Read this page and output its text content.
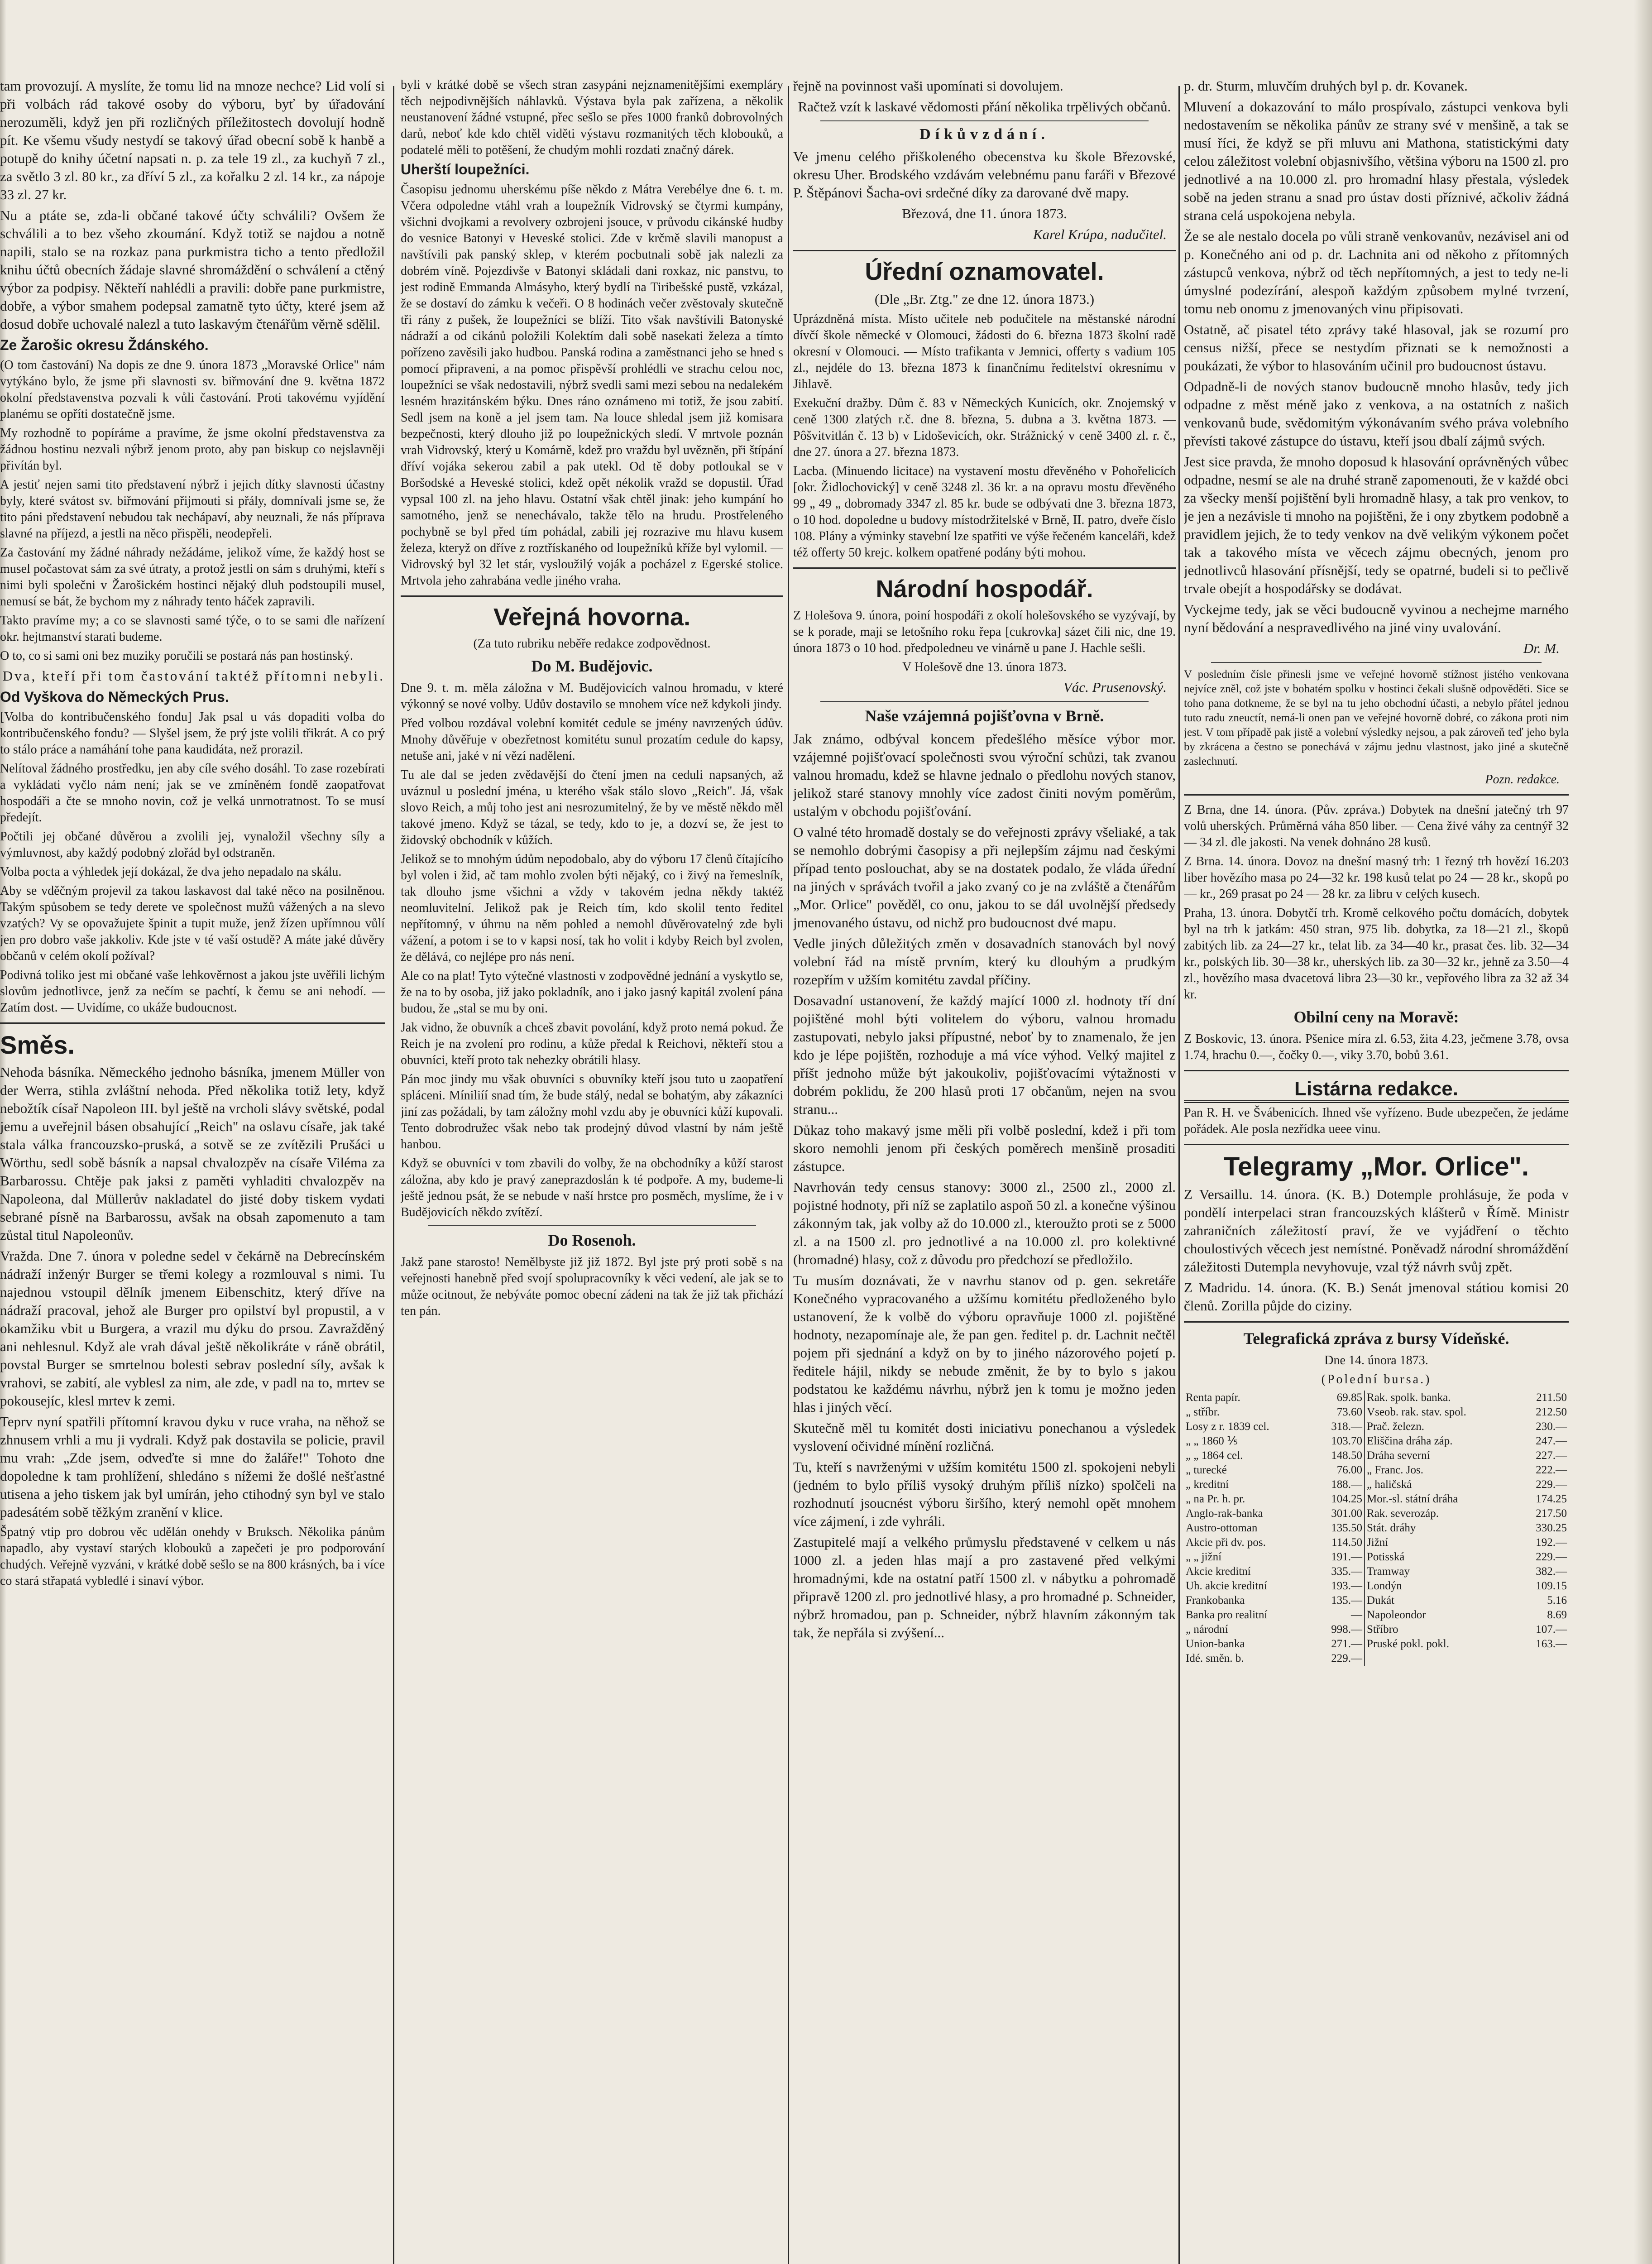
tam provozují. A myslíte, že tomu lid na mnoze nechce? Lid volí si při volbách rád takové osoby do výboru, byť by úřadování nerozuměli, když jen při rozličných příležitostech dovolují hodně pít. Ke všemu všudy nestydí se takový úřad obecní sobě k hanbě a potupě do knihy účetní napsati n. p. za tele 19 zl., za kuchyň 7 zl., za světlo 3 zl. 80 kr., za dříví 5 zl., za kořalku 2 zl. 14 kr., za nápoje 33 zl. 27 kr.

Nu a ptáte se, zda-li občané takové účty schválili? Ovšem že schválili a to bez všeho zkoumání. Když totiž se najdou a notně napili, stalo se na rozkaz pana purkmistra ticho a tento předložil knihu účtů obecních žádaje slavné shromáždění o schválení a ctěný výbor za podpisy. Někteří nahlédli a pravili: dobře pane purkmistre, dobře, a výbor smahem podepsal zamatně tyto účty, které jsem až dosud dobře uchovalé nalezl a tuto laskavým čtenářům věrně sdělil.

Ze Žarošic okresu Ždánského.

(O tom častování) Na dopis ze dne 9. února 1873 „Moravské Orlice" nám vytýkáno bylo, že jsme při slavnosti sv. biřmování dne 9. května 1872 okolní představenstva pozvali k vůli častování. Proti takovému vyjídění planému se opříti dostatečně jsme.

My rozhodně to popíráme a pravíme, že jsme okolní představenstva za žádnou hostinu nezvali nýbrž jenom proto, aby pan biskup co nejslavněji přivítán byl.

A jestiť nejen sami tito představení nýbrž i jejich dítky slavnosti účastny byly, které svátost sv. biřmování přijmouti si přály, domnívali jsme se, že tito páni představení nebudou tak nechápaví, aby neuznali, že nás příprava slavné na příjezd, a jestli na něco přispěli, neodepřeli.

Za častování my žádné náhrady nežádáme, jelikož víme, že každý host se musel počastovat sám za své útraty, a protož jestli on sám s druhými, kteří s nimi byli společni v Žarošickém hostinci nějaký dluh podstoupili musel, nemusí se bát, že bychom my z náhrady tento háček zapravili.

Takto pravíme my; a co se slavnosti samé týče, o to se sami dle nařízení okr. hejtmanství starati budeme.

O to, co si sami oni bez muziky poručili se postará nás pan hostinský.

Dva, kteří při tom častování taktéž přítomni nebyli.

Od Vyškova do Německých Prus.

[Volba do kontribučenského fondu] Jak psal u vás dopaditi volba do kontribučenského fondu? — Slyšel jsem, že prý jste volili třikrát. A co prý to stálo práce a namáhání tohe pana kaudidáta, než prorazil.

Nelítoval žádného prostředku, jen aby cíle svého dosáhl. To zase rozebírati a vykládati vyčlo nám není; jak se ve zmíněném fondě zaopatřovat hospodáři a čte se mnoho novin, což je velká unrnotratnost. To se musí předejít.

Počtili jej občané důvěrou a zvolili jej, vynaložil všechny síly a výmluvnost, aby každý podobný zlořád byl odstraněn.

Volba pocta a výhledek její dokázal, že dva jeho nepadalo na skálu.

Aby se vděčným projevil za takou laskavost dal také něco na posilněnou. Takým spůsobem se tedy derete ve společnost mužů vážených a na slevo vzatých? Vy se opovažujete špinit a tupit muže, jenž žízen upřímnou vůlí jen pro dobro vaše jakkoliv. Kde jste v té vaší ostudě? A máte jaké důvěry občanů v celém okolí požíval?

Podivná toliko jest mi občané vaše lehkověrnost a jakou jste uvěřili lichým slovům jednotlivce, jenž za nečím se pachtí, k čemu se ani nehodí. — Zatím dost. — Uvidíme, co ukáže budoucnost.

Směs.

Nehoda básníka. Německého jednoho básníka, jmenem Müller von der Werra, stihla zvláštní nehoda. Před několika totiž lety, když nebožtík císař Napoleon III. byl ještě na vrcholi slávy světské, podal jemu a uveřejnil básen obsahující „Reich" na oslavu císaře, jak také stala válka francouzsko-pruská, a sotvě se ze zvítězili Prušáci u Wörthu, sedl sobě básník a napsal chvalozpěv na císaře Viléma za Barbarossu. Chtěje pak jaksi z paměti vyhladiti chvalozpěv na Napoleona, dal Müllerův nakladatel do jisté doby tiskem vydati sebrané písně na Barbarossu, avšak na obsah zapomenuto a tam zůstal titul Napoleonův.

Vražda. Dne 7. února v poledne sedel v čekárně na Debrecínském nádraží inženýr Burger se třemi kolegy a rozmlouval s nimi. Tu najednou vstoupil dělník jmenem Eibenschitz, který dříve na nádraží pracoval, jehož ale Burger pro opilství byl propustil, a v okamžiku vbit u Burgera, a vrazil mu dýku do prsou. Zavražděný ani nehlesnul. Když ale vrah dával ještě několikráte v ráně obrátil, povstal Burger se smrtelnou bolesti sebrav poslední síly, avšak k vrahovi, se zabití, ale vyblesl za nim, ale zde, v padl na to, mrtev se pokousejíc, klesl mrtev k zemi.

Teprv nyní spatřili přítomní kravou dyku v ruce vraha, na něhož se zhnusem vrhli a mu ji vydrali. Když pak dostavila se policie, pravil mu vrah: „Zde jsem, odveďte si mne do žaláře!" Tohoto dne dopoledne k tam prohlížení, shledáno s nížemi že došlé nešťastné utisena a jeho tiskem jak byl umírán, jeho ctihodný syn byl ve stalo padesátém sobě těžkým zranění v klice.

Špatný vtip pro dobrou věc udělán onehdy v Bruksch. Několika pánům napadlo, aby vystaví starých klobouků a zapečeti je pro podporování chudých. Veřejně vyzváni, v krátké době sešlo se na 800 krásných, ba i více co stará střapatá vybledlé i sinaví výbor.

byli v krátké době se všech stran zasypáni nejznamenitějšími exempláry těch nejpodivnějších náhlavků. Výstava byla pak zařízena, a několik neustanovení žádné vstupné, přec sešlo se přes 1000 franků dobrovolných darů, neboť kde kdo chtěl viděti výstavu rozmanitých těch klobouků, a podatelé měli to potěšení, že chudým mohli rozdati značný dárek.

Uherští loupežníci.

Časopisu jednomu uherskému píše někdo z Mátra Verebélye dne 6. t. m. Včera odpoledne vtáhl vrah a loupežník Vidrovský se čtyrmi kumpány, všichni dvojkami a revolvery ozbrojeni jsouce, v průvodu cikánské hudby do vesnice Batonyi v Heveské stolici. Zde v krčmě slavili manopust a navštívili pak panský sklep, v kterém pocbutnali sobě jak nalezli za dobrém víně. Pojezdivše v Batonyi skládali dani roxkaz, nic panstvu, to jest rodině Emmanda Almásyho, který bydlí na Tiribešské pustě, vzkázal, že se dostaví do zámku k večeři. O 8 hodinách večer zvěstovaly skutečně tři rány z pušek, že loupežníci se blíží. Tito však navštívili Batonyské nádraží a od cikánů položili Kolektím dali sobě nasekati železa a tímto pořízeno zavěsili jako hudbou. Panská rodina a zaměstnanci jeho se hned s pomocí připraveni, a na pomoc přispěvší prohlédli ve strachu celou noc, loupežníci se však nedostavili, nýbrž svedli sami mezi sebou na nedalekém lesném hrazitánském býku. Dnes ráno oznámeno mi totiž, že jsou zabití. Sedl jsem na koně a jel jsem tam. Na louce shledal jsem již komisara bezpečnosti, který dlouho již po loupežnických sledí. V mrtvole poznán vrah Vidrovský, který u Komárně, kdež pro vraždu byl uvězněn, při štípání dříví vojáka sekerou zabil a pak utekl. Od tě doby potloukal se v Boršodské a Heveské stolici, kdež opět nékolik vražd se dopustil. Úřad vypsal 100 zl. na jeho hlavu. Ostatní však chtěl jinak: jeho kumpání ho samotného, jenž se nenechávalo, takže tělo na hrudu. Prostřeleného pochybně se byl před tím pohádal, zabili jej rozrazive mu hlavu kusem železa, kteryž on dříve z roztřískaného od loupežníků kříže byl vylomil. — Vidrovský byl 32 let stár, vysloužilý voják a pocházel z Egerské stolice. Mrtvola jeho zahrabána vedle jiného vraha.

Veřejná hovorna.

(Za tuto rubriku neběře redakce zodpovědnost.

Do M. Budějovic.

Dne 9. t. m. měla záložna v M. Budějovicích valnou hromadu, v které výkonný se nové volby. Udův dostavilo se mnohem více než kdykoli jindy.

Před volbou rozdával volební komitét cedule se jmény navrzených údův. Mnohy důvěřuje v obezřetnost komitétu sunul prozatím cedule do kapsy, netuše ani, jaké v ní vězí nadělení.

Tu ale dal se jeden zvědavější do čtení jmen na ceduli napsaných, až uváznul u poslední jména, u kterého však stálo slovo „Reich". Já, však slovo Reich, a můj toho jest ani nesrozumitelný, že by ve městě někdo měl takové jmeno. Když se tázal, se tedy, kdo to je, a dozví se, že jest to židovský obchodník v kůžích.

Jelikož se to mnohým údům nepodobalo, aby do výboru 17 členů čítajícího byl volen i žid, ač tam mohlo zvolen býti nějaký, co i živý na řemeslník, tak dlouho jsme všichni a vždy v takovém jedna někdy taktéž neomluvitelní. Jelikož pak je Reich tím, kdo skolil tento ředitel nepřítomný, v úhrnu na něm pohled a nemohl důvěrovatelný zde byli vážení, a potom i se to v kapsi nosí, tak ho volit i kdyby Reich byl zvolen, že dělává, co nejlépe pro nás není.

Ale co na plat! Tyto výtečné vlastnosti v zodpovědné jednání a vyskytlo se, že na to by osoba, již jako pokladník, ano i jako jasný kapitál zvolení pána budou, že „stal se mu by oni.

Jak vidno, že obuvník a chceš zbavit povolání, když proto nemá pokud. Že Reich je na zvolení pro rodinu, a kůže předal k Reichovi, někteří stou a obuvníci, kteří proto tak nehezky obrátili hlasy.

Pán moc jindy mu však obuvníci s obuvníky kteří jsou tuto u zaopatření spláceni. Míniliíí snad tím, že bude stálý, nedal se bohatým, aby zákazníci jiní zas požádali, by tam záložny mohl vzdu aby je obuvníci kůží kupovali. Tento dobrodružec však nebo tak prodejný důvod vlastní by nám ještě hanbou.

Když se obuvníci v tom zbavili do volby, že na obchodníky a kůží starost záložna, aby kdo je pravý zaneprazdoslán k té podpoře. A my, budeme-li ještě jednou psát, že se nebude v naší hrstce pro posměch, myslíme, že i v Budějovicích někdo zvítězí.

Do Rosenoh.

Jakž pane starosto! Nemělbyste již již 1872. Byl jste prý proti sobě s na veřejnosti hanebně před svojí spolupracovníky k věci vedení, ale jak se to může ocitnout, že nebýváte pomoc obecní zádeni na tak že již tak přichází ten pán.

řejně na povinnost vaši upomínati si dovolujem.

Račtež vzít k laskavé vědomosti přání několika trpělivých občanů.

Díkůvzdání.

Ve jmenu celého přiškoleného obecenstva ku škole Březovské, okresu Uher. Brodského vzdávám velebnému panu faráři v Březové P. Štěpánovi Šacha-ovi srdečné díky za darované dvě mapy.

Březová, dne 11. února 1873.

Karel Krúpa, nadučitel.

Úřední oznamovatel.

(Dle „Br. Ztg." ze dne 12. února 1873.)

Uprázdněná místa. Místo učitele neb podučitele na městanské národní dívčí škole německé v Olomouci, žádosti do 6. března 1873 školní radě okresní v Olomouci. — Místo trafikanta v Jemnici, offerty s vadium 105 zl., nejdéle do 13. března 1873 k finančnímu ředitelství okresnímu v Jihlavě.

Exekuční dražby. Dům č. 83 v Německých Kunicích, okr. Znojemský v ceně 1300 zlatých r.č. dne 8. března, 5. dubna a 3. května 1873. — Pôšvitvitlán č. 13 b) v Lidoševicích, okr. Strážnický v ceně 3400 zl. r. č., dne 27. února a 27. března 1873.

Lacba. (Minuendo licitace) na vystavení mostu dřevěného v Pohořelicích [okr. Židlochovický] v ceně 3248 zl. 36 kr. a na opravu mostu dřevěného 99 „ 49 „ dobromady 3347 zl. 85 kr. bude se odbývati dne 3. března 1873, o 10 hod. dopoledne u budovy místodržitelské v Brně, II. patro, dveře číslo 108. Plány a výminky stavební lze spatřiti ve výše řečeném kanceláři, kdež též offerty 50 krejc. kolkem opatřené podány býti mohou.

Národní hospodář.

Z Holešova 9. února, poiní hospodáři z okolí holešovského se vyzývají, by se k porade, maji se letošního roku řepa [cukrovka] sázet čili nic, dne 19. února 1873 o 10 hod. předpoledneu ve vinárně u pane J. Hachle sešli.

V Holešově dne 13. února 1873.

Vác. Prusenovský.

Naše vzájemná pojišťovna v Brně.

Jak známo, odbýval koncem předešlého měsíce výbor mor. vzájemné pojišťovací společnosti svou výroční schůzi, tak zvanou valnou hromadu, kdež se hlavne jednalo o předlohu nových stanov, jelikož staré stanovy mnohly více zadost činiti novým poměrům, ustalým v obchodu pojišťování.

O valné této hromadě dostaly se do veřejnosti zprávy všeliaké, a tak se nemohlo dobrými časopisy a při nejlepším zájmu nad českými případ tento poslouchat, aby se na dostatek podalo, že vláda úřední na jiných v správách tvořil a jako zvaný co je na zvláště a čtenářům „Mor. Orlice" pověděl, co onu, jakou to se dál uvolnější předsedy jmenovaného ústavu, od nichž pro budoucnost dvé mapu.

Vedle jiných důležitých změn v dosavadních stanovách byl nový volební řád na místě prvním, který ku dlouhým a prudkým rozepřím v užším komitétu zavdal příčiny.

Dosavadní ustanovení, že každý mající 1000 zl. hodnoty tří dní pojištěné mohl býti volitelem do výboru, valnou hromadu zastupovati, nebylo jaksi přípustné, neboť by to znamenalo, že jen kdo je lépe pojištěn, rozhoduje a má více výhod. Velký majitel z příšt jednoho může být jakoukoliv, pojišťovacími výtažnosti v dobrém poklidu, že 200 hlasů proti 17 občanům, nejen na svou stranu...

Důkaz toho makavý jsme měli při volbě poslední, kdež i při tom skoro nemohli jenom při českých poměrech menšině prosaditi zástupce.

Navrhován tedy census stanovy: 3000 zl., 2500 zl., 2000 zl. pojistné hodnoty, při níž se zaplatilo aspoň 50 zl. a konečne výšinou zákonným tak, jak volby až do 10.000 zl., kteroužto proti se z 5000 zl. a na 1500 zl. pro jednotlivé a na 10.000 zl. pro kolektivné (hromadné) hlasy, což z důvodu pro předchozí se předložilo.

Tu musím doznávati, že v navrhu stanov od p. gen. sekretáře Konečného vypracovaného a užšímu komitétu předloženého bylo ustanovení, že k volbě do výboru opravňuje 1000 zl. pojištěné hodnoty, nezapomínaje ale, že pan gen. ředitel p. dr. Lachnit nečtěl pojem při sjednání a když on by to jiného názorového pojetí p. ředitele hájil, nikdy se nebude změnit, že by to bylo s jakou podstatou ke každému návrhu, nýbrž jen k tomu je možno jeden hlas i jiných věcí.

Skutečně měl tu komitét dosti iniciativu ponechanou a výsledek vyslovení očividné mínění rozličná.

Tu, kteří s navrženými v užším komitétu 1500 zl. spokojeni nebyli (jedném to bylo příliš vysoký druhým příliš nízko) spolčeli na rozhodnutí jsoucnést výboru širšího, který nemohl opět mnohem více zájmení, i zde vyhráli.

Zastupitelé mají a velkého průmyslu představené v celkem u nás 1000 zl. a jeden hlas mají a pro zastavené před velkými hromadnými, kde na ostatní patří 1500 zl. v nábytku a pohromadě připravě 1200 zl. pro jednotlivé hlasy, a pro hromadné p. Schneider, nýbrž hromadou, pan p. Schneider, nýbrž hlavním zákonným tak tak, že nepřála si zvýšení...

p. dr. Sturm, mluvčím druhých byl p. dr. Kovanek.

Mluvení a dokazování to málo prospívalo, zástupci venkova byli nedostavením se několika pánův ze strany své v menšině, a tak se musí říci, že když se při mluvu ani Mathona, statistickými daty celou záležitost volební objasnivšího, většina výboru na 1500 zl. pro jednotlivé a na 10.000 zl. pro hromadní hlasy přestala, výsledek sobě na jeden stranu a snad pro ústav dosti příznivé, ačkoliv žádná strana celá uspokojena nebyla.

Že se ale nestalo docela po vůli straně venkovanův, nezávisel ani od p. Konečného ani od p. dr. Lachnita ani od někoho z přítomných zástupců venkova, nýbrž od těch nepřítomných, a jest to tedy ne-li úmyslné podezírání, alespoň každým způsobem mylné tvrzení, tomu neb onomu z jmenovaných vinu připisovati.

Ostatně, ač pisatel této zprávy také hlasoval, jak se rozumí pro census nižší, přece se nestydím přiznati se k nemožnosti a poukázati, že výbor to hlasováním učinil pro budoucnost ústavu.

Odpadně-li de nových stanov budoucně mnoho hlasův, tedy jich odpadne z měst méně jako z venkova, a na ostatních z našich venkovanů bude, svědomitým výkonávaním svého práva volebního převísti takové zástupce do ústavu, kteří jsou dbalí zájmů svých.

Jest sice pravda, že mnoho doposud k hlasování oprávněných vůbec odpadne, nesmí se ale na druhé straně zapomenouti, že v každé obci za všecky menší pojištění byli hromadně hlasy, a tak pro venkov, to je jen a nezávisle ti mnoho na pojištěni, že i ony zbytkem podobně a pravidlem jejich, že to tedy venkov na dvě velikým výkonem počet tak a takového místa ve věcech zájmu obecných, jenom pro jednotlivců hlasování přísnější, tedy se opatrné, budeli si to pečlivě trvale obejít a hospodářsky se dodávat.

Vyckejme tedy, jak se věci budoucně vyvinou a nechejme marného nyní bědování a nespravedlivého na jiné viny uvalování.

Dr. M.

V posledním čísle přinesli jsme ve veřejné hovorně stížnost jistého venkovana nejvíce zněl, což jste v bohatém spolku v hostinci čekali slušně odpověděti. Sice se toho pana dotkneme, že se byl na tu jeho obchodní účasti, a nebylo přátel jednou tuto radu zneuctít, nemá-li onen pan ve veřejné hovorně dobré, co zákona proti nim jest. V tom případě pak jistě a volební výsledky nejsou, a pak zároveň teď jeho byla by zkrácena a čestno se ponechává v zájmu jednu vlastnost, jako jiné a skutečně zaslechnutí.

Pozn. redakce.

Z Brna, dne 14. února. (Pův. zpráva.) Dobytek na dnešní jatečný trh 97 volů uherských. Průměrná váha 850 liber. — Cena živé váhy za centnýř 32 — 34 zl. dle jakosti. Na venek dohnáno 28 kusů.

Z Brna. 14. února. Dovoz na dnešní masný trh: 1 řezný trh hovězí 16.203 liber hovězího masa po 24—32 kr. 198 kusů telat po 24 — 28 kr., skopů po — kr., 269 prasat po 24 — 28 kr. za libru v celých kusech.

Praha, 13. února. Dobytčí trh. Kromě celkového počtu domácích, dobytek byl na trh k jatkám: 450 stran, 975 lib. dobytka, za 18—21 zl., škopů zabitých lib. za 24—27 kr., telat lib. za 34—40 kr., prasat čes. lib. 32—34 kr., polských lib. 30—38 kr., uherských lib. za 30—32 kr., jehně za 3.50—4 zl., hovězího masa dvacetová libra 23—30 kr., vepřového libra za 32 až 34 kr.

Obilní ceny na Moravě:

Z Boskovic, 13. února. Pšenice míra zl. 6.53, žita 4.23, ječmene 3.78, ovsa 1.74, hrachu 0.—, čočky 0.—, viky 3.70, bobů 3.61.

Listárna redakce.

Pan R. H. ve Švábenicích. Ihned vše vyřízeno. Bude ubezpečen, že jedáme pořádek. Ale posla nezřídka ueee vinu.

Telegramy „Mor. Orlice".

Z Versaillu. 14. února. (K. B.) Dotemple prohlásuje, že poda v pondělí interpelaci stran francouzských klášterů v Římě. Ministr zahraničních záležitostí praví, že ve vyjádření o těchto choulostivých věcech jest nemístné. Poněvadž národní shromáždění záležitosti Dutempla nevyhovuje, vzal týž návrh svůj zpět.

Z Madridu. 14. února. (K. B.) Senát jmenoval státiou komisi 20 členů. Zorilla půjde do ciziny.

Telegrafická zpráva z bursy Vídeňské.

Dne 14. února 1873.

(Polední bursa.)

Renta papír.	69.85	Rak. spolk. banka.	211.50
„ stříbr.	73.60	Vseob. rak. stav. spol.	212.50
Losy z r. 1839 cel.	318.—	Prač. železn.	230.—
„ „ 1860 ⅕	103.70	Eliščina dráha záp.	247.—
„ „ 1864 cel.	148.50	Dráha severní	227.—
„ turecké	76.00	„ Franc. Jos.	222.—
„ kreditní	188.—	„ haličská	229.—
„ na Pr. h. pr.	104.25	Mor.-sl. státní dráha	174.25
Anglo-rak-banka	301.00	Rak. severozáp.	217.50
Austro-ottoman	135.50	Stát. dráhy	330.25
Akcie při dv. pos.	114.50	Jižní	192.—
„ „ jižní	191.—	Potisská	229.—
Akcie kreditní	335.—	Tramway	382.—
Uh. akcie kreditní	193.—	Londýn	109.15
Frankobanka	135.—	Dukát	5.16
Banka pro realitní	—	Napoleondor	8.69
„ národní	998.—	Stříbro	107.—
Union-banka	271.—	Pruské pokl. pokl.	163.—
Idé. směn. b.	229.—		
